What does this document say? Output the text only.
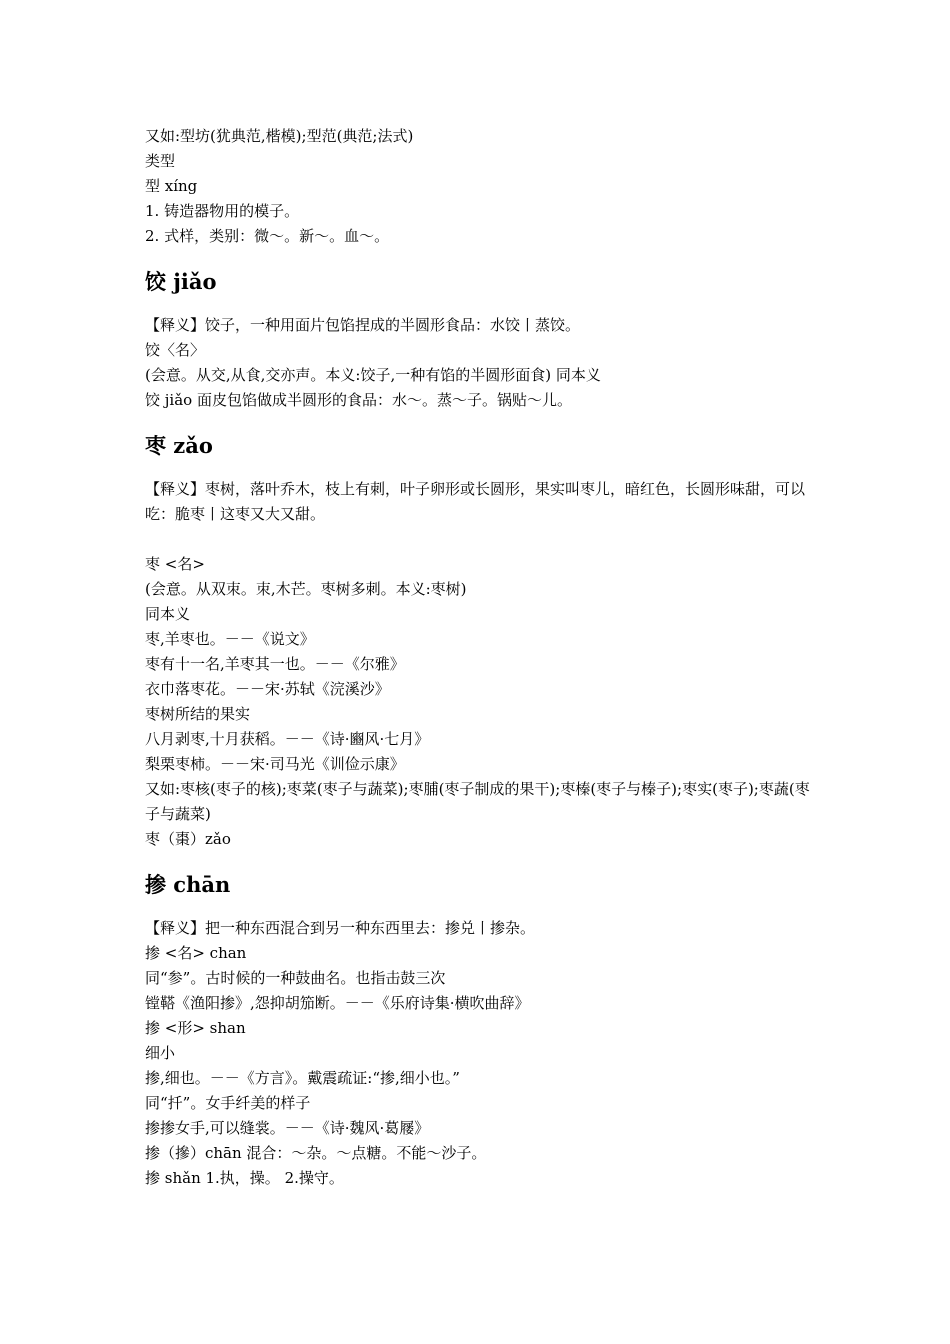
又如:型坊(犹典范,楷模);型范(典范;法式)
类型
型 xíng
1. 铸造器物用的模子。
2. 式样，类别：微～。新～。血～。
饺 jiǎo
【释义】饺子，一种用面片包馅捏成的半圆形食品：水饺丨蒸饺。
饺〈名〉
(会意。从交,从食,交亦声。本义:饺子,一种有馅的半圆形面食) 同本义
饺 jiǎo 面皮包馅做成半圆形的食品：水～。蒸～子。锅贴～儿。
枣 zǎo
【释义】枣树，落叶乔木，枝上有刺，叶子卵形或长圆形，果实叫枣儿，暗红色，长圆形味甜，可以吃：脆枣丨这枣又大又甜。
枣 <名>
(会意。从双朿。朿,木芒。枣树多刺。本义:枣树)
同本义
枣,羊枣也。－－《说文》
枣有十一名,羊枣其一也。－－《尔雅》
衣巾落枣花。－－宋·苏轼《浣溪沙》
枣树所结的果实
八月剥枣,十月获稻。－－《诗·豳风·七月》
梨栗枣柿。－－宋·司马光《训俭示康》
又如:枣核(枣子的核);枣菜(枣子与蔬菜);枣脯(枣子制成的果干);枣榛(枣子与榛子);枣实(枣子);枣蔬(枣子与蔬菜)
枣（棗）zǎo
掺 chān
【释义】把一种东西混合到另一种东西里去：掺兑丨掺杂。
掺 <名> chan
同“参”。古时候的一种鼓曲名。也指击鼓三次
镗鞳《渔阳掺》,怨抑胡笳断。－－《乐府诗集·横吹曲辞》
掺 <形> shan
细小
掺,细也。－－《方言》。戴震疏证:“掺,细小也。”
同“扦”。女手纤美的样子
掺掺女手,可以缝裳。－－《诗·魏风·葛屦》
掺（摻）chān 混合：～杂。～点糖。不能～沙子。
掺 shǎn 1.执，操。 2.操守。
